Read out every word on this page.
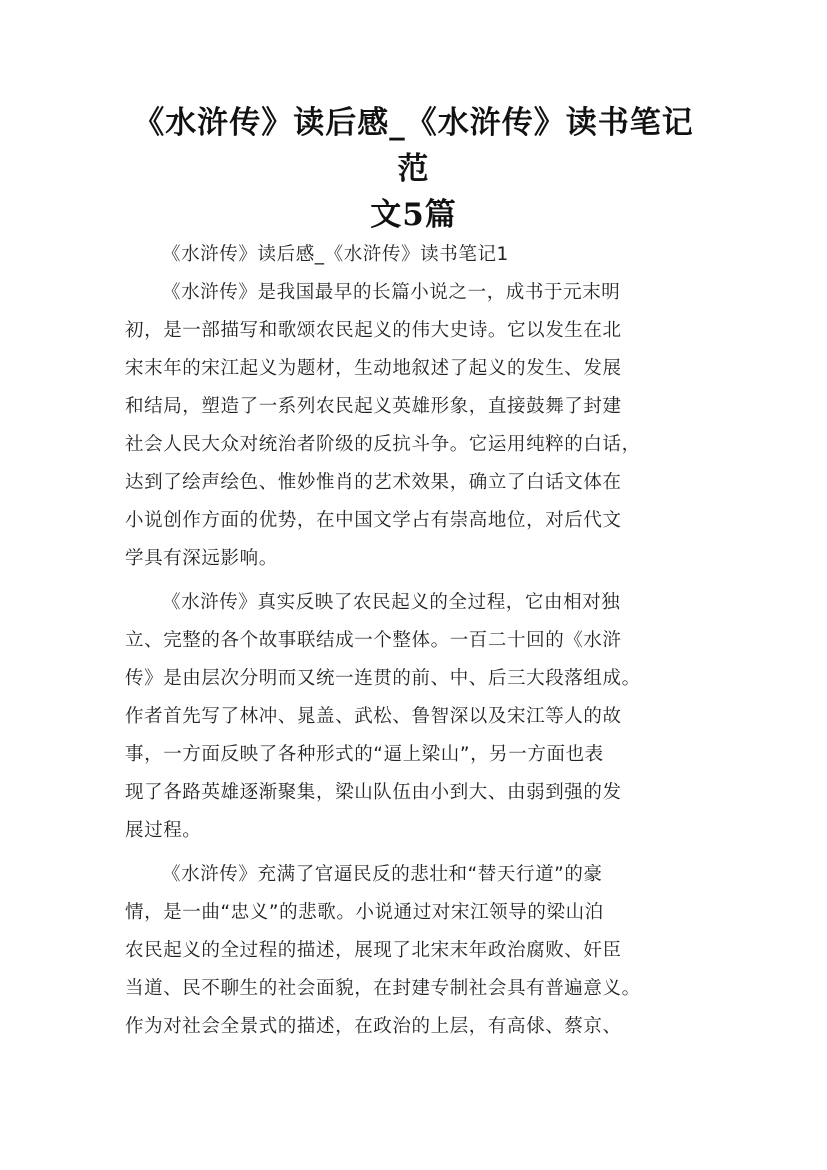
《水浒传》读后感_《水浒传》读书笔记范
文5篇
《水浒传》读后感_《水浒传》读书笔记1
《水浒传》是我国最早的长篇小说之一，成书于元末明
初，是一部描写和歌颂农民起义的伟大史诗。它以发生在北
宋末年的宋江起义为题材，生动地叙述了起义的发生、发展
和结局，塑造了一系列农民起义英雄形象，直接鼓舞了封建
社会人民大众对统治者阶级的反抗斗争。它运用纯粹的白话，
达到了绘声绘色、惟妙惟肖的艺术效果，确立了白话文体在
小说创作方面的优势，在中国文学占有崇高地位，对后代文
学具有深远影响。
《水浒传》真实反映了农民起义的全过程，它由相对独
立、完整的各个故事联结成一个整体。一百二十回的《水浒
传》是由层次分明而又统一连贯的前、中、后三大段落组成。
作者首先写了林冲、晁盖、武松、鲁智深以及宋江等人的故
事，一方面反映了各种形式的“逼上梁山”，另一方面也表
现了各路英雄逐渐聚集，梁山队伍由小到大、由弱到强的发
展过程。
《水浒传》充满了官逼民反的悲壮和“替天行道”的豪
情，是一曲“忠义”的悲歌。小说通过对宋江领导的梁山泊
农民起义的全过程的描述，展现了北宋末年政治腐败、奸臣
当道、民不聊生的社会面貌，在封建专制社会具有普遍意义。
作为对社会全景式的描述，在政治的上层，有高俅、蔡京、
